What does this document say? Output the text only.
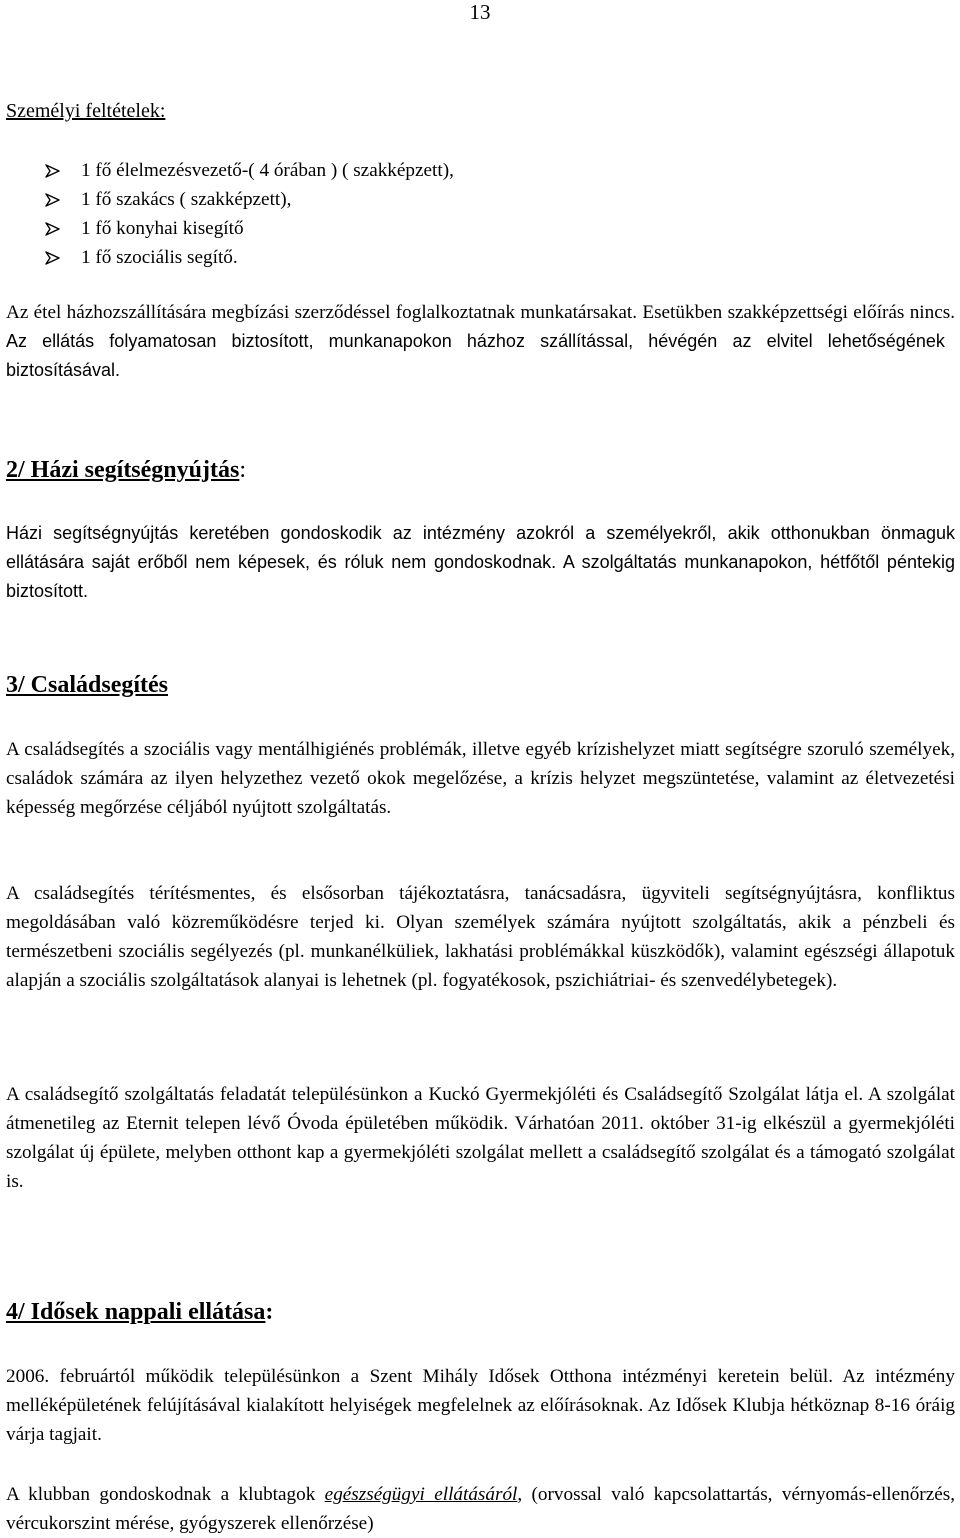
13

Személyi feltételek:

1 fő élelmezésvezető-( 4 órában ) ( szakképzett),
1 fő szakács ( szakképzett),
1 fő konyhai kisegítő
1 fő szociális segítő.

Az étel házhozszállítására megbízási szerződéssel foglalkoztatnak munkatársakat. Esetükben szakképzettségi előírás nincs. Az ellátás folyamatosan biztosított, munkanapokon házhoz szállítással, hévégén az elvitel lehetőségének biztosításával.

2/ Házi segítségnyújtás:

Házi segítségnyújtás keretében gondoskodik az intézmény azokról a személyekről, akik otthonukban önmaguk ellátására saját erőből nem képesek, és róluk nem gondoskodnak. A szolgáltatás munkanapokon, hétfőtől péntekig biztosított.

3/ Családsegítés

A családsegítés a szociális vagy mentálhigiénés problémák, illetve egyéb krízishelyzet miatt segítségre szoruló személyek, családok számára az ilyen helyzethez vezető okok megelőzése, a krízis helyzet megszüntetése, valamint az életvezetési képesség megőrzése céljából nyújtott szolgáltatás.

A családsegítés térítésmentes, és elsősorban tájékoztatásra, tanácsadásra, ügyviteli segítségnyújtásra, konfliktus megoldásában való közreműködésre terjed ki. Olyan személyek számára nyújtott szolgáltatás, akik a pénzbeli és természetbeni szociális segélyezés (pl. munkanélküliek, lakhatási problémákkal küszködők), valamint egészségi állapotuk alapján a szociális szolgáltatások alanyai is lehetnek (pl. fogyatékosok, pszichiátriai- és szenvedélybetegek).

A családsegítő szolgáltatás feladatát településünkon a Kuckó Gyermekjóléti és Családsegítő Szolgálat látja el. A szolgálat átmenetileg az Eternit telepen lévő Óvoda épületében működik. Várhatóan 2011. október 31-ig elkészül a gyermekjóléti szolgálat új épülete, melyben otthont kap a gyermekjóléti szolgálat mellett a családsegítő szolgálat és a támogató szolgálat is.

4/ Idősek nappali ellátása:

2006. februártól működik településünkon a Szent Mihály Idősek Otthona intézményi keretein belül. Az intézmény melléképületének felújításával kialakított helyiségek megfelelnek az előírásoknak. Az Idősek Klubja hétköznap 8-16 óráig várja tagjait.

A klubban gondoskodnak a klubtagok egészségügyi ellátásáról, (orvossal való kapcsolattartás, vérnyomás-ellenőrzés, vércukorszint mérése, gyógyszerek ellenőrzése)
